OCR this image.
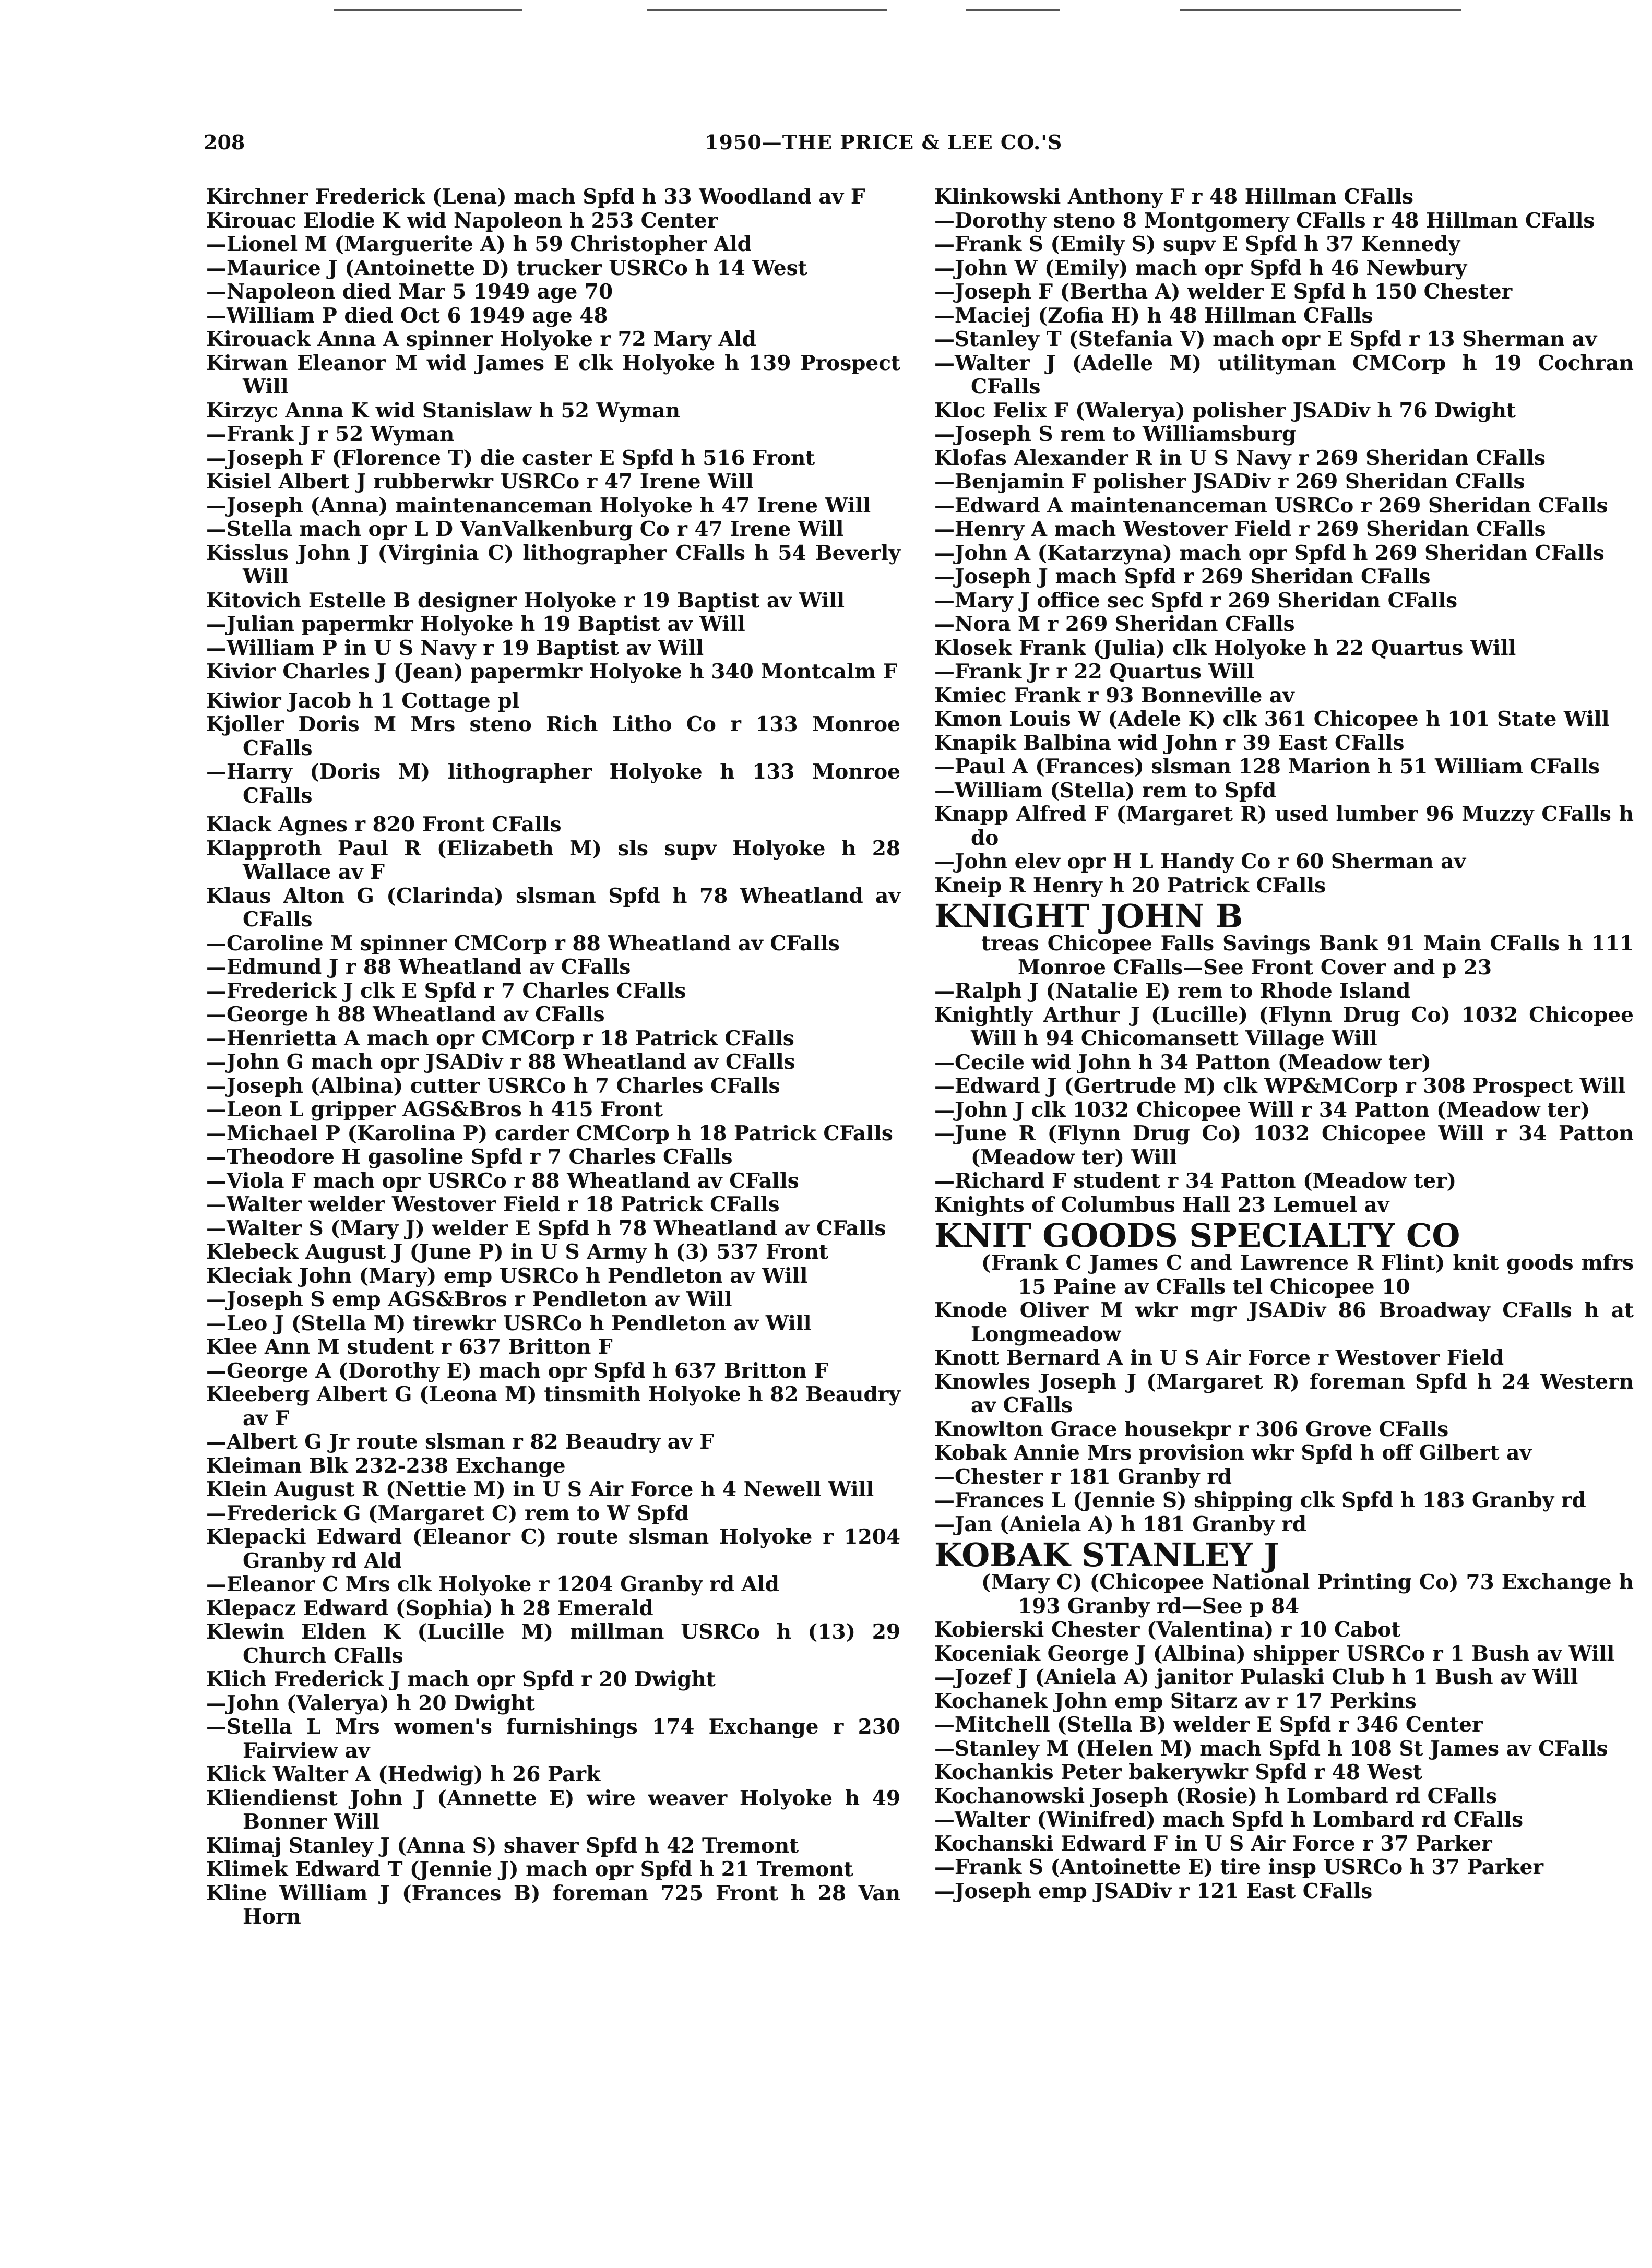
208	1950—THE PRICE & LEE CO.'S
Kirchner Frederick (Lena) mach Spfd h 33 Woodland av F
Kirouac Elodie K wid Napoleon h 253 Center
—Lionel M (Marguerite A) h 59 Christopher Ald
—Maurice J (Antoinette D) trucker USRCo h 14 West
—Napoleon died Mar 5 1949 age 70
—William P died Oct 6 1949 age 48
Kirouack Anna A spinner Holyoke r 72 Mary Ald
Kirwan Eleanor M wid James E clk Holyoke h 139 Prospect Will
Kirzyc Anna K wid Stanislaw h 52 Wyman
—Frank J r 52 Wyman
—Joseph F (Florence T) die caster E Spfd h 516 Front
Kisiel Albert J rubberwkr USRCo r 47 Irene Will
—Joseph (Anna) maintenanceman Holyoke h 47 Irene Will
—Stella mach opr L D VanValkenburg Co r 47 Irene Will
Kisslus John J (Virginia C) lithographer CFalls h 54 Beverly Will
Kitovich Estelle B designer Holyoke r 19 Baptist av Will
—Julian papermkr Holyoke h 19 Baptist av Will
—William P in U S Navy r 19 Baptist av Will
Kivior Charles J (Jean) papermkr Holyoke h 340 Montcalm F
Kiwior Jacob h 1 Cottage pl
Kjoller Doris M Mrs steno Rich Litho Co r 133 Monroe CFalls
—Harry (Doris M) lithographer Holyoke h 133 Monroe CFalls
Klack Agnes r 820 Front CFalls
Klapproth Paul R (Elizabeth M) sls supv Holyoke h 28 Wallace av F
Klaus Alton G (Clarinda) slsman Spfd h 78 Wheatland av CFalls
—Caroline M spinner CMCorp r 88 Wheatland av CFalls
—Edmund J r 88 Wheatland av CFalls
—Frederick J clk E Spfd r 7 Charles CFalls
—George h 88 Wheatland av CFalls
—Henrietta A mach opr CMCorp r 18 Patrick CFalls
—John G mach opr JSADiv r 88 Wheatland av CFalls
—Joseph (Albina) cutter USRCo h 7 Charles CFalls
—Leon L gripper AGS&Bros h 415 Front
—Michael P (Karolina P) carder CMCorp h 18 Patrick CFalls
—Theodore H gasoline Spfd r 7 Charles CFalls
—Viola F mach opr USRCo r 88 Wheatland av CFalls
—Walter welder Westover Field r 18 Patrick CFalls
—Walter S (Mary J) welder E Spfd h 78 Wheatland av CFalls
Klebeck August J (June P) in U S Army h (3) 537 Front
Kleciak John (Mary) emp USRCo h Pendleton av Will
—Joseph S emp AGS&Bros r Pendleton av Will
—Leo J (Stella M) tirewkr USRCo h Pendleton av Will
Klee Ann M student r 637 Britton F
—George A (Dorothy E) mach opr Spfd h 637 Britton F
Kleeberg Albert G (Leona M) tinsmith Holyoke h 82 Beaudry av F
—Albert G Jr route slsman r 82 Beaudry av F
Kleiman Blk 232-238 Exchange
Klein August R (Nettie M) in U S Air Force h 4 Newell Will
—Frederick G (Margaret C) rem to W Spfd
Klepacki Edward (Eleanor C) route slsman Holyoke r 1204 Granby rd Ald
—Eleanor C Mrs clk Holyoke r 1204 Granby rd Ald
Klepacz Edward (Sophia) h 28 Emerald
Klewin Elden K (Lucille M) millman USRCo h (13) 29 Church CFalls
Klich Frederick J mach opr Spfd r 20 Dwight
—John (Valerya) h 20 Dwight
—Stella L Mrs women's furnishings 174 Exchange r 230 Fairview av
Klick Walter A (Hedwig) h 26 Park
Kliendienst John J (Annette E) wire weaver Holyoke h 49 Bonner Will
Klimaj Stanley J (Anna S) shaver Spfd h 42 Tremont
Klimek Edward T (Jennie J) mach opr Spfd h 21 Tremont
Kline William J (Frances B) foreman 725 Front h 28 Van Horn
Klinkowski Anthony F r 48 Hillman CFalls
—Dorothy steno 8 Montgomery CFalls r 48 Hillman CFalls
—Frank S (Emily S) supv E Spfd h 37 Kennedy
—John W (Emily) mach opr Spfd h 46 Newbury
—Joseph F (Bertha A) welder E Spfd h 150 Chester
—Maciej (Zofia H) h 48 Hillman CFalls
—Stanley T (Stefania V) mach opr E Spfd r 13 Sherman av
—Walter J (Adelle M) utilityman CMCorp h 19 Cochran CFalls
Kloc Felix F (Walerya) polisher JSADiv h 76 Dwight
—Joseph S rem to Williamsburg
Klofas Alexander R in U S Navy r 269 Sheridan CFalls
—Benjamin F polisher JSADiv r 269 Sheridan CFalls
—Edward A maintenanceman USRCo r 269 Sheridan CFalls
—Henry A mach Westover Field r 269 Sheridan CFalls
—John A (Katarzyna) mach opr Spfd h 269 Sheridan CFalls
—Joseph J mach Spfd r 269 Sheridan CFalls
—Mary J office sec Spfd r 269 Sheridan CFalls
—Nora M r 269 Sheridan CFalls
Klosek Frank (Julia) clk Holyoke h 22 Quartus Will
—Frank Jr r 22 Quartus Will
Kmiec Frank r 93 Bonneville av
Kmon Louis W (Adele K) clk 361 Chicopee h 101 State Will
Knapik Balbina wid John r 39 East CFalls
—Paul A (Frances) slsman 128 Marion h 51 William CFalls
—William (Stella) rem to Spfd
Knapp Alfred F (Margaret R) used lumber 96 Muzzy CFalls h do
—John elev opr H L Handy Co r 60 Sherman av
Kneip R Henry h 20 Patrick CFalls
KNIGHT JOHN B
treas Chicopee Falls Savings Bank 91 Main CFalls h 111 Monroe CFalls—See Front Cover and p 23
—Ralph J (Natalie E) rem to Rhode Island
Knightly Arthur J (Lucille) (Flynn Drug Co) 1032 Chicopee Will h 94 Chicomansett Village Will
—Cecile wid John h 34 Patton (Meadow ter)
—Edward J (Gertrude M) clk WP&MCorp r 308 Prospect Will
—John J clk 1032 Chicopee Will r 34 Patton (Meadow ter)
—June R (Flynn Drug Co) 1032 Chicopee Will r 34 Patton (Meadow ter) Will
—Richard F student r 34 Patton (Meadow ter)
Knights of Columbus Hall 23 Lemuel av
KNIT GOODS SPECIALTY CO
(Frank C James C and Lawrence R Flint) knit goods mfrs 15 Paine av CFalls tel Chicopee 10
Knode Oliver M wkr mgr JSADiv 86 Broadway CFalls h at Longmeadow
Knott Bernard A in U S Air Force r Westover Field
Knowles Joseph J (Margaret R) foreman Spfd h 24 Western av CFalls
Knowlton Grace housekpr r 306 Grove CFalls
Kobak Annie Mrs provision wkr Spfd h off Gilbert av
—Chester r 181 Granby rd
—Frances L (Jennie S) shipping clk Spfd h 183 Granby rd
—Jan (Aniela A) h 181 Granby rd
KOBAK STANLEY J
(Mary C) (Chicopee National Printing Co) 73 Exchange h 193 Granby rd—See p 84
Kobierski Chester (Valentina) r 10 Cabot
Koceniak George J (Albina) shipper USRCo r 1 Bush av Will
—Jozef J (Aniela A) janitor Pulaski Club h 1 Bush av Will
Kochanek John emp Sitarz av r 17 Perkins
—Mitchell (Stella B) welder E Spfd r 346 Center
—Stanley M (Helen M) mach Spfd h 108 St James av CFalls
Kochankis Peter bakerywkr Spfd r 48 West
Kochanowski Joseph (Rosie) h Lombard rd CFalls
—Walter (Winifred) mach Spfd h Lombard rd CFalls
Kochanski Edward F in U S Air Force r 37 Parker
—Frank S (Antoinette E) tire insp USRCo h 37 Parker
—Joseph emp JSADiv r 121 East CFalls
